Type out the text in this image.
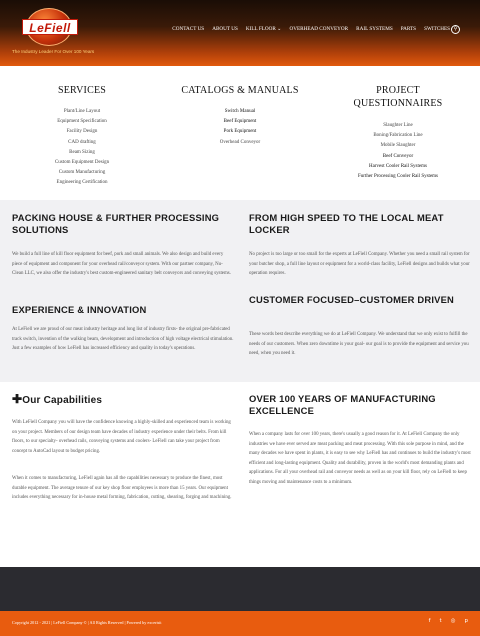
LeFiell
The Industry Leader For Over 100 Years
CONTACT US ABOUT US KILL FLOOR ⌄ OVERHEAD CONVEYOR RAIL SYSTEMS PARTS SWITCHES ⚲
SERVICES
Plant/Line Layout
Equipment Specification
Facility Design
CAD drafting
Beam Sizing
Custom Equipment Design
Custom Manufacturing
Engineering Certification
CATALOGS & MANUALS
Switch Manual
Beef Equipment
Pork Equipment
Overhead Conveyor
PROJECT
QUESTIONNAIRES
Slaughter Line
Boning/Fabrication Line
Mobile Slaughter
Beef Conveyor
Harvest Cooler Rail Systems
Further Processing Cooler Rail Systems
PACKING HOUSE & FURTHER PROCESSING SOLUTIONS
We build a full line of kill floor equipment for beef, pork and small animals. We also design and build every piece of equipment and component for your overhead rail/conveyor system. With our partner company, Nu-Clean LLC, we also offer the industry's best custom-engineered sanitary belt conveyors and conveying systems.
FROM HIGH SPEED TO THE LOCAL MEAT LOCKER
No project is too large or too small for the experts at LeFiell Company. Whether you need a small rail system for your butcher shop, a full line layout or equipment for a world-class facility, LeFiell designs and builds what your operation requires.
EXPERIENCE & INNOVATION
At LeFiell we are proud of our meat industry heritage and long list of industry firsts- the original pre-fabricated track switch, invention of the walking beam, development and introduction of high voltage electrical stimulation. Just a few examples of how LeFiell has increased efficiency and quality in today's operations.
CUSTOMER FOCUSED–CUSTOMER DRIVEN
These words best describe everything we do at LeFiell Company. We understand that we only exist to fulfill the needs of our customers. When zero downtime is your goal- our goal is to provide the equipment and service you need, when you need it.
✚Our Capabilities
With LeFiell Company you will have the confidence knowing a highly-skilled and experienced team is working on your project. Members of our design team have decades of industry experience under their belts. From kill floors, to our specialty- overhead rails, conveying systems and coolers- LeFiell can take your project from concept to AutoCad layout to budget pricing.
When it comes to manufacturing, LeFiell again has all the capabilities necessary to produce the finest, most durable equipment. The average tenure of our key shop floor employees is more than 15 years. Our equipment includes everything necessary for in-house metal forming, fabrication, cutting, shearing, forging and machining.
OVER 100 YEARS OF MANUFACTURING EXCELLENCE
When a company lasts for over 100 years, there's usually a good reason for it. At LeFiell Company the only industries we have ever served are meat packing and meat processing. With this sole purpose in mind, and the many decades we have spent in plants, it is easy to see why LeFiell has and continues to build the industry's most efficient and long-lasting equipment. Quality and durability, proven in the world's most demanding plants and applications. For all your overhead rail and conveyor needs as well as on your kill floor, rely on LeFiell to keep things moving and maintenance costs to a minimum.
Copyright 2012 - 2021 | LeFiell Company © | All Rights Reserved | Powered by excerisit	f t ◎ p
